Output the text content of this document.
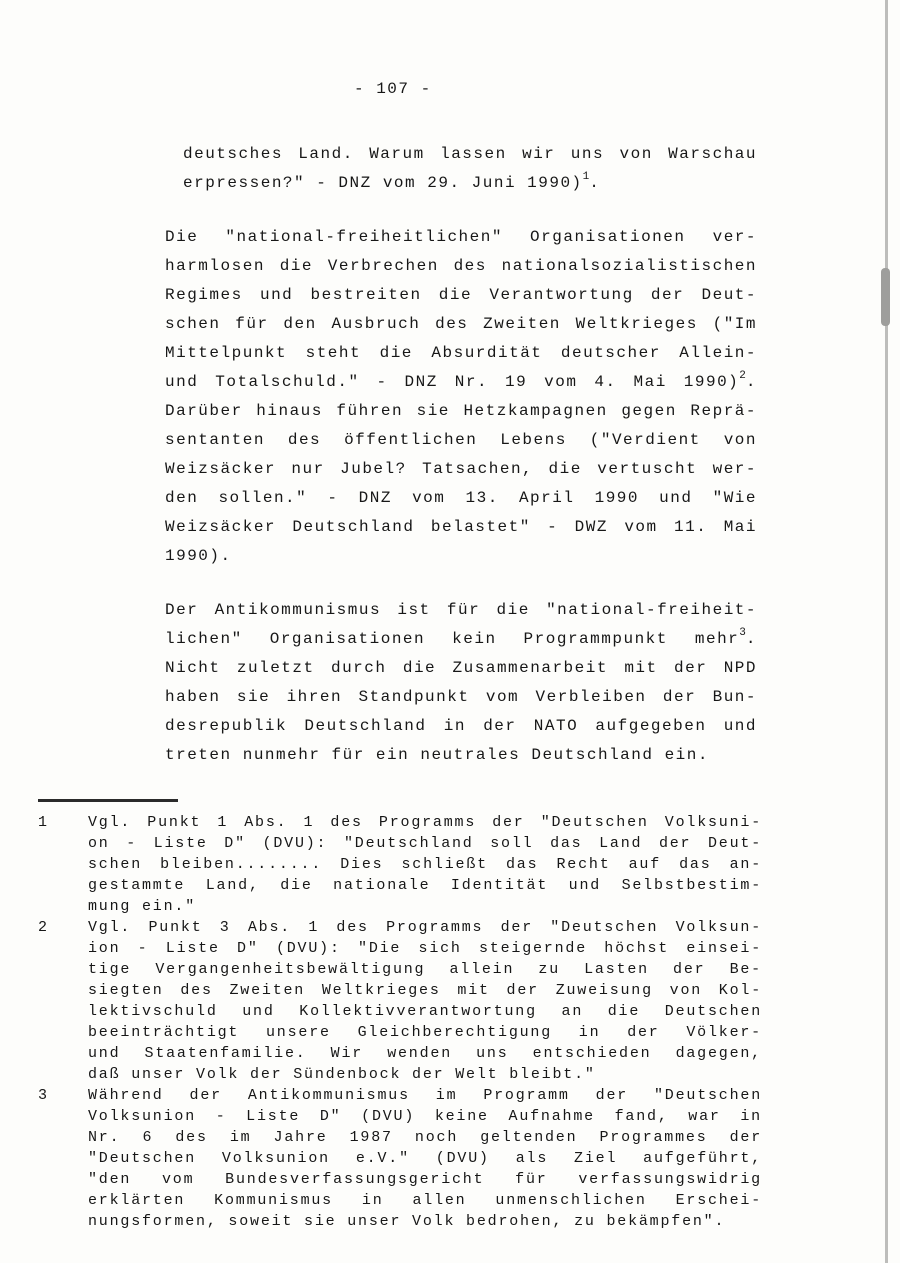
- 107 -
deutsches Land. Warum lassen wir uns von Warschau
erpressen?" - DNZ vom 29. Juni 1990)$^1$.
Die "national-freiheitlichen" Organisationen ver-
harmlosen die Verbrechen des nationalsozialistischen
Regimes und bestreiten die Verantwortung der Deut-
schen für den Ausbruch des Zweiten Weltkrieges ("Im
Mittelpunkt steht die Absurdität deutscher Allein-
und Totalschuld." - DNZ Nr. 19 vom 4. Mai 1990)$^2$.
Darüber hinaus führen sie Hetzkampagnen gegen Reprä-
sentanten des öffentlichen Lebens ("Verdient von
Weizsäcker nur Jubel? Tatsachen, die vertuscht wer-
den sollen." - DNZ vom 13. April 1990 und "Wie
Weizsäcker Deutschland belastet" - DWZ vom 11. Mai
1990).
Der Antikommunismus ist für die "national-freiheit-
lichen" Organisationen kein Programmpunkt mehr$^3$.
Nicht zuletzt durch die Zusammenarbeit mit der NPD
haben sie ihren Standpunkt vom Verbleiben der Bun-
desrepublik Deutschland in der NATO aufgegeben und
treten nunmehr für ein neutrales Deutschland ein.
1	Vgl. Punkt 1 Abs. 1 des Programms der "Deutschen Volksuni-
on - Liste D" (DVU): "Deutschland soll das Land der Deut-
schen bleiben........ Dies schließt das Recht auf das an-
gestammte Land, die nationale Identität und Selbstbestim-
mung ein."
2	Vgl. Punkt 3 Abs. 1 des Programms der "Deutschen Volksun-
ion - Liste D" (DVU): "Die sich steigernde höchst einsei-
tige Vergangenheitsbewältigung allein zu Lasten der Be-
siegten des Zweiten Weltkrieges mit der Zuweisung von Kol-
lektivschuld und Kollektivverantwortung an die Deutschen
beeinträchtigt unsere Gleichberechtigung in der Völker-
und Staatenfamilie. Wir wenden uns entschieden dagegen,
daß unser Volk der Sündenbock der Welt bleibt."
3	Während der Antikommunismus im Programm der "Deutschen
Volksunion - Liste D" (DVU) keine Aufnahme fand, war in
Nr. 6 des im Jahre 1987 noch geltenden Programmes der
"Deutschen Volksunion e.V." (DVU) als Ziel aufgeführt,
"den vom Bundesverfassungsgericht für verfassungswidrig
erklärten Kommunismus in allen unmenschlichen Erschei-
nungsformen, soweit sie unser Volk bedrohen, zu bekämpfen".
